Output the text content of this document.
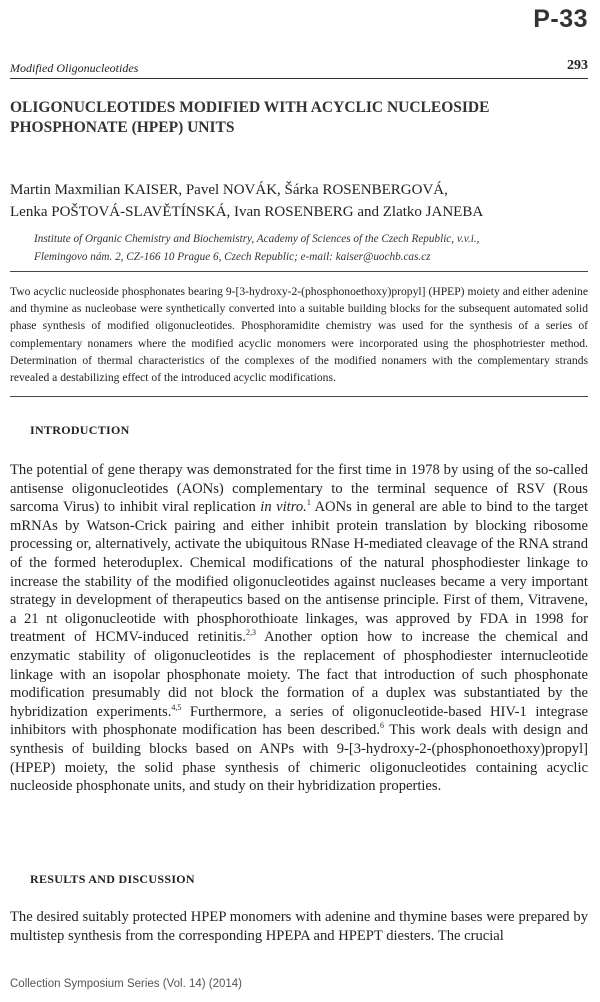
P-33
Modified Oligonucleotides	293
OLIGONUCLEOTIDES MODIFIED WITH ACYCLIC NUCLEOSIDE
PHOSPHONATE (HPEP) UNITS
Martin Maxmilian KAISER, Pavel NOVÁK, Šárka ROSENBERGOVÁ,
Lenka POŠTOVÁ-SLAVĚTÍNSKÁ, Ivan ROSENBERG and Zlatko JANEBA
Institute of Organic Chemistry and Biochemistry, Academy of Sciences of the Czech Republic, v.v.i.,
Flemingovo nám. 2, CZ-166 10 Prague 6, Czech Republic; e-mail: kaiser@uochb.cas.cz
Two acyclic nucleoside phosphonates bearing 9-[3-hydroxy-2-(phosphonoethoxy)propyl] (HPEP) moiety and either adenine and thymine as nucleobase were synthetically converted into a suitable building blocks for the subsequent automated solid phase synthesis of modified oligonucleotides. Phosphoramidite chemistry was used for the synthesis of a series of complementary nonamers where the modified acyclic monomers were incorporated using the phosphotriester method. Determination of thermal characteristics of the complexes of the modified nonamers with the complementary strands revealed a destabilizing effect of the introduced acyclic modifications.
INTRODUCTION
The potential of gene therapy was demonstrated for the first time in 1978 by using of the so-called antisense oligonucleotides (AONs) complementary to the terminal sequence of RSV (Rous sarcoma Virus) to inhibit viral replication in vitro.$^1$ AONs in general are able to bind to the target mRNAs by Watson-Crick pairing and either inhibit protein translation by blocking ribosome processing or, alternatively, activate the ubiquitous RNase H-mediated cleavage of the RNA strand of the formed heteroduplex. Chemical modifications of the natural phosphodiester linkage to increase the stability of the modified oligonucleotides against nucleases became a very important strategy in development of therapeutics based on the antisense principle. First of them, Vitravene, a 21 nt oligonucleotide with phosphorothioate linkages, was approved by FDA in 1998 for treatment of HCMV-induced retinitis.$^{2,3}$ Another option how to increase the chemical and enzymatic stability of oligonucleotides is the replacement of phosphodiester internucleotide linkage with an isopolar phosphonate moiety. The fact that introduction of such phosphonate modification presumably did not block the formation of a duplex was substantiated by the hybridization experiments.$^{4,5}$ Furthermore, a series of oligonucleotide-based HIV-1 integrase inhibitors with phosphonate modification has been described.$^6$ This work deals with design and synthesis of building blocks based on ANPs with 9-[3-hydroxy-2-(phosphonoethoxy)propyl] (HPEP) moiety, the solid phase synthesis of chimeric oligonucleotides containing acyclic nucleoside phosphonate units, and study on their hybridization properties.
RESULTS AND DISCUSSION
The desired suitably protected HPEP monomers with adenine and thymine bases were prepared by multistep synthesis from the corresponding HPEPA and HPEPT diesters. The crucial
Collection Symposium Series (Vol. 14) (2014)
